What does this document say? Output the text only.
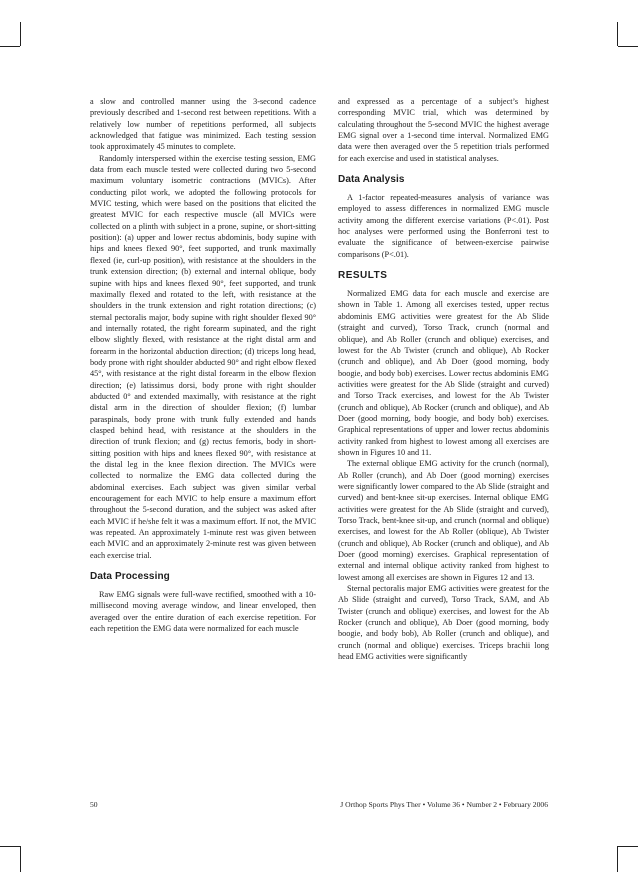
a slow and controlled manner using the 3-second cadence previously described and 1-second rest between repetitions. With a relatively low number of repetitions performed, all subjects acknowledged that fatigue was minimized. Each testing session took approximately 45 minutes to complete.

Randomly interspersed within the exercise testing session, EMG data from each muscle tested were collected during two 5-second maximum voluntary isometric contractions (MVICs). After conducting pilot work, we adopted the following protocols for MVIC testing, which were based on the positions that elicited the greatest MVIC for each respective muscle (all MVICs were collected on a plinth with subject in a prone, supine, or short-sitting position): (a) upper and lower rectus abdominis, body supine with hips and knees flexed 90°, feet supported, and trunk maximally flexed (ie, curl-up position), with resistance at the shoulders in the trunk extension direction; (b) external and internal oblique, body supine with hips and knees flexed 90°, feet supported, and trunk maximally flexed and rotated to the left, with resistance at the shoulders in the trunk extension and right rotation directions; (c) sternal pectoralis major, body supine with right shoulder flexed 90° and internally rotated, the right forearm supinated, and the right elbow slightly flexed, with resistance at the right distal arm and forearm in the horizontal abduction direction; (d) triceps long head, body prone with right shoulder abducted 90° and right elbow flexed 45°, with resistance at the right distal forearm in the elbow flexion direction; (e) latissimus dorsi, body prone with right shoulder abducted 0° and extended maximally, with resistance at the right distal arm in the direction of shoulder flexion; (f) lumbar paraspinals, body prone with trunk fully extended and hands clasped behind head, with resistance at the shoulders in the direction of trunk flexion; and (g) rectus femoris, body in short-sitting position with hips and knees flexed 90°, with resistance at the distal leg in the knee flexion direction. The MVICs were collected to normalize the EMG data collected during the abdominal exercises. Each subject was given similar verbal encouragement for each MVIC to help ensure a maximum effort throughout the 5-second duration, and the subject was asked after each MVIC if he/she felt it was a maximum effort. If not, the MVIC was repeated. An approximately 1-minute rest was given between each MVIC and an approximately 2-minute rest was given between each exercise trial.

Data Processing

Raw EMG signals were full-wave rectified, smoothed with a 10-millisecond moving average window, and linear enveloped, then averaged over the entire duration of each exercise repetition. For each repetition the EMG data were normalized for each muscle

and expressed as a percentage of a subject’s highest corresponding MVIC trial, which was determined by calculating throughout the 5-second MVIC the highest average EMG signal over a 1-second time interval. Normalized EMG data were then averaged over the 5 repetition trials performed for each exercise and used in statistical analyses.

Data Analysis

A 1-factor repeated-measures analysis of variance was employed to assess differences in normalized EMG muscle activity among the different exercise variations (P<.01). Post hoc analyses were performed using the Bonferroni test to evaluate the significance of between-exercise pairwise comparisons (P<.01).

RESULTS

Normalized EMG data for each muscle and exercise are shown in Table 1. Among all exercises tested, upper rectus abdominis EMG activities were greatest for the Ab Slide (straight and curved), Torso Track, crunch (normal and oblique), and Ab Roller (crunch and oblique) exercises, and lowest for the Ab Twister (crunch and oblique), Ab Rocker (crunch and oblique), and Ab Doer (good morning, body boogie, and body bob) exercises. Lower rectus abdominis EMG activities were greatest for the Ab Slide (straight and curved) and Torso Track exercises, and lowest for the Ab Twister (crunch and oblique), Ab Rocker (crunch and oblique), and Ab Doer (good morning, body boogie, and body bob) exercises. Graphical representations of upper and lower rectus abdominis activity ranked from highest to lowest among all exercises are shown in Figures 10 and 11.

The external oblique EMG activity for the crunch (normal), Ab Roller (crunch), and Ab Doer (good morning) exercises were significantly lower compared to the Ab Slide (straight and curved) and bent-knee sit-up exercises. Internal oblique EMG activities were greatest for the Ab Slide (straight and curved), Torso Track, bent-knee sit-up, and crunch (normal and oblique) exercises, and lowest for the Ab Roller (oblique), Ab Twister (crunch and oblique), Ab Rocker (crunch and oblique), and Ab Doer (good morning) exercises. Graphical representation of external and internal oblique activity ranked from highest to lowest among all exercises are shown in Figures 12 and 13.

Sternal pectoralis major EMG activities were greatest for the Ab Slide (straight and curved), Torso Track, SAM, and Ab Twister (crunch and oblique) exercises, and lowest for the Ab Rocker (crunch and oblique), Ab Doer (good morning, body boogie, and body bob), Ab Roller (crunch and oblique), and crunch (normal and oblique) exercises. Triceps brachii long head EMG activities were significantly

50	J Orthop Sports Phys Ther • Volume 36 • Number 2 • February 2006
